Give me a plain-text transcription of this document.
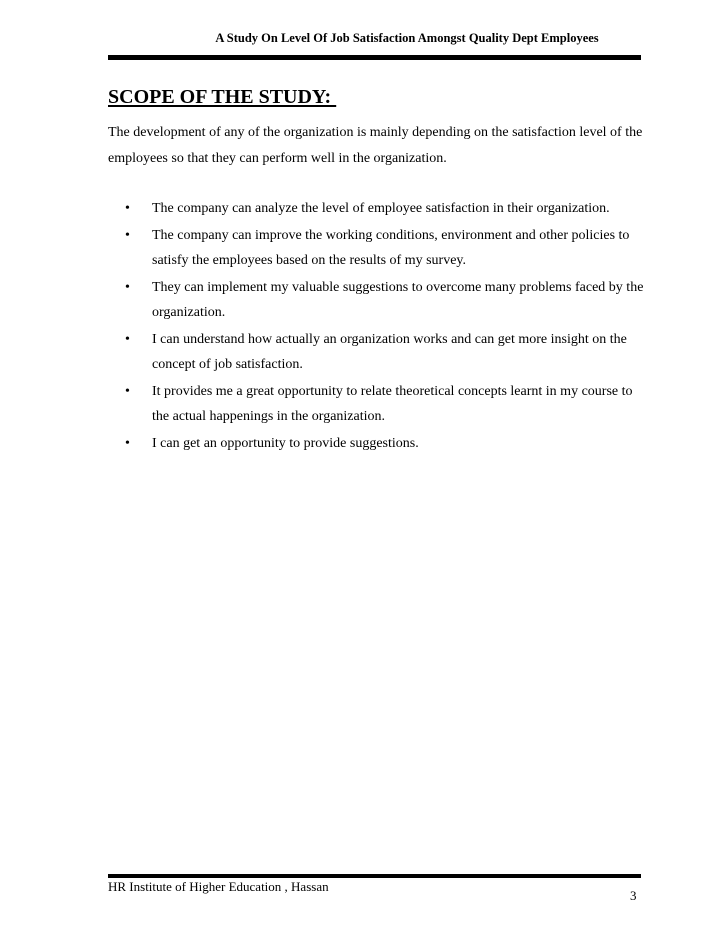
A Study On Level Of Job Satisfaction Amongst Quality Dept Employees
SCOPE OF THE STUDY:

The development of any of the organization is mainly depending on the satisfaction level of the employees so that they can perform well in the organization.

• The company can analyze the level of employee satisfaction in their organization.
• The company can improve the working conditions, environment and other policies to satisfy the employees based on the results of my survey.
• They can implement my valuable suggestions to overcome many problems faced by the organization.
• I can understand how actually an organization works and can get more insight on the concept of job satisfaction.
• It provides me a great opportunity to relate theoretical concepts learnt in my course to the actual happenings in the organization.
• I can get an opportunity to provide suggestions.
HR Institute of Higher Education , Hassan
3
